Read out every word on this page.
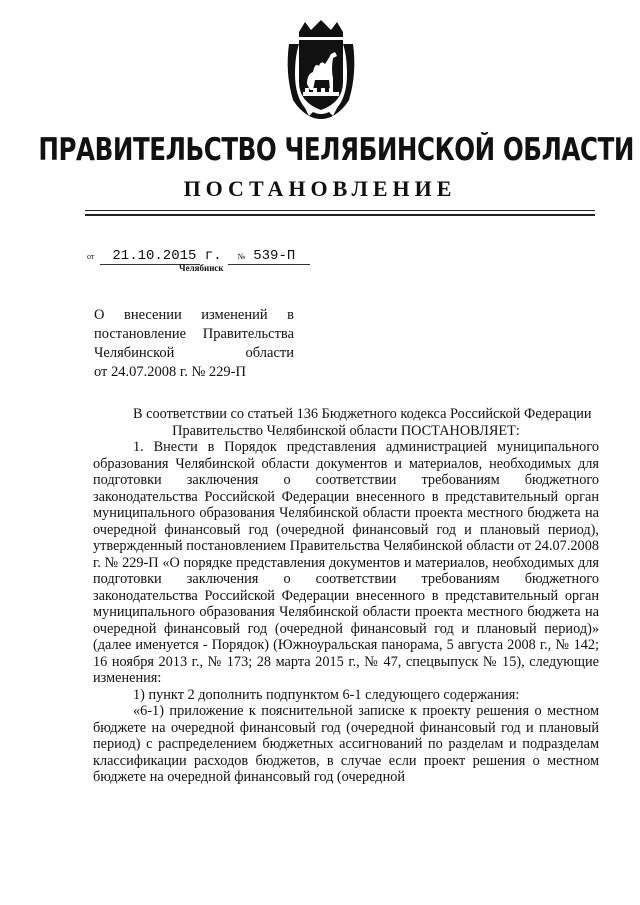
ПРАВИТЕЛЬСТВО ЧЕЛЯБИНСКОЙ ОБЛАСТИ
ПОСТАНОВЛЕНИЕ
от 21.10.2015 г. № 539-П
Челябинск
О внесении изменений в
постановление Правительства
Челябинской области
от 24.07.2008 г. № 229-П

В соответствии со статьей 136 Бюджетного кодекса Российской Федерации

Правительство Челябинской области ПОСТАНОВЛЯЕТ:

1. Внести в Порядок представления администрацией муниципального образования Челябинской области документов и материалов, необходимых для подготовки заключения о соответствии требованиям бюджетного законодательства Российской Федерации внесенного в представительный орган муниципального образования Челябинской области проекта местного бюджета на очередной финансовый год (очередной финансовый год и плановый период), утвержденный постановлением Правительства Челябинской области от 24.07.2008 г. № 229-П «О порядке представления документов и материалов, необходимых для подготовки заключения о соответствии требованиям бюджетного законодательства Российской Федерации внесенного в представительный орган муниципального образования Челябинской области проекта местного бюджета на очередной финансовый год (очередной финансовый год и плановый период)» (далее именуется - Порядок) (Южноуральская панорама, 5 августа 2008 г., № 142; 16 ноября 2013 г., № 173; 28 марта 2015 г., № 47, спецвыпуск № 15), следующие изменения:

1) пункт 2 дополнить подпунктом 6-1 следующего содержания:

«6-1) приложение к пояснительной записке к проекту решения о местном бюджете на очередной финансовый год (очередной финансовый год и плановый период) с распределением бюджетных ассигнований по разделам и подразделам классификации расходов бюджетов, в случае если проект решения о местном бюджете на очередной финансовый год (очередной
